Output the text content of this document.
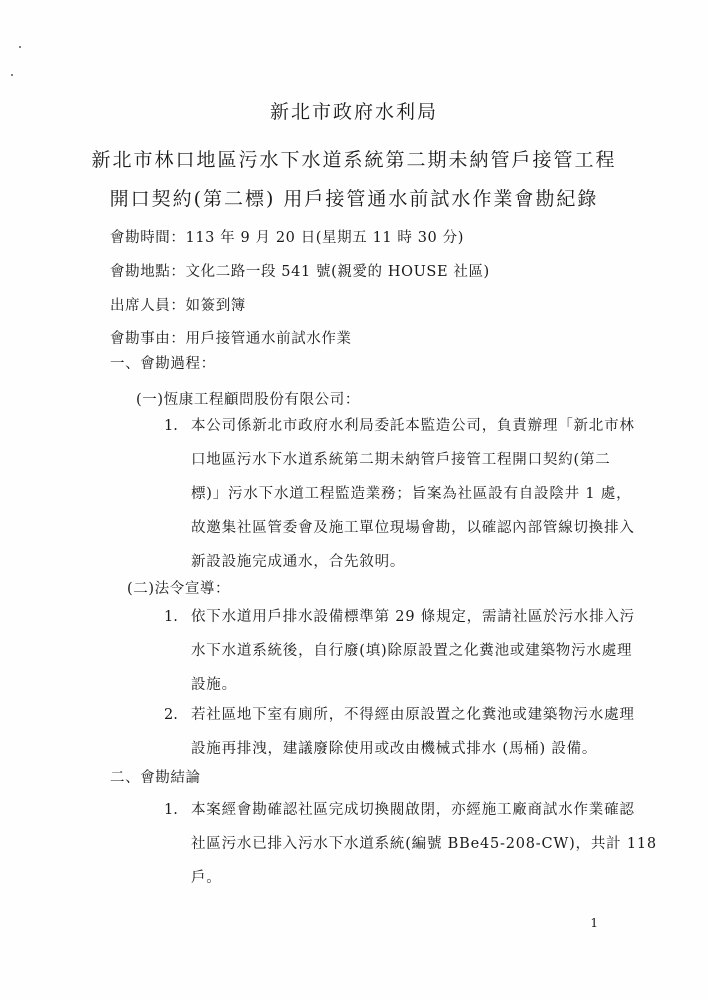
新北市政府水利局
新北市林口地區污水下水道系統第二期未納管戶接管工程
開口契約(第二標) 用戶接管通水前試水作業會勘紀錄
會勘時間：113 年 9 月 20 日(星期五 11 時 30 分)
會勘地點：文化二路一段 541 號(親愛的 HOUSE 社區)
出席人員：如簽到簿
會勘事由：用戶接管通水前試水作業
一、會勘過程：
(一)恆康工程顧問股份有限公司：
1. 本公司係新北市政府水利局委託本監造公司，負責辦理「新北市林
口地區污水下水道系統第二期未納管戶接管工程開口契約(第二
標)」污水下水道工程監造業務；旨案為社區設有自設陰井 1 處，
故邀集社區管委會及施工單位現場會勘，以確認內部管線切換排入
新設設施完成通水，合先敘明。
(二)法令宣導：
1. 依下水道用戶排水設備標準第 29 條規定，需請社區於污水排入污
水下水道系統後，自行廢(填)除原設置之化糞池或建築物污水處理
設施。
2. 若社區地下室有廁所，不得經由原設置之化糞池或建築物污水處理
設施再排洩，建議廢除使用或改由機械式排水 (馬桶) 設備。
二、會勘結論
1. 本案經會勘確認社區完成切換閥啟閉，亦經施工廠商試水作業確認
社區污水已排入污水下水道系統(編號 BBe45-208-CW)，共計 118
戶。
1
